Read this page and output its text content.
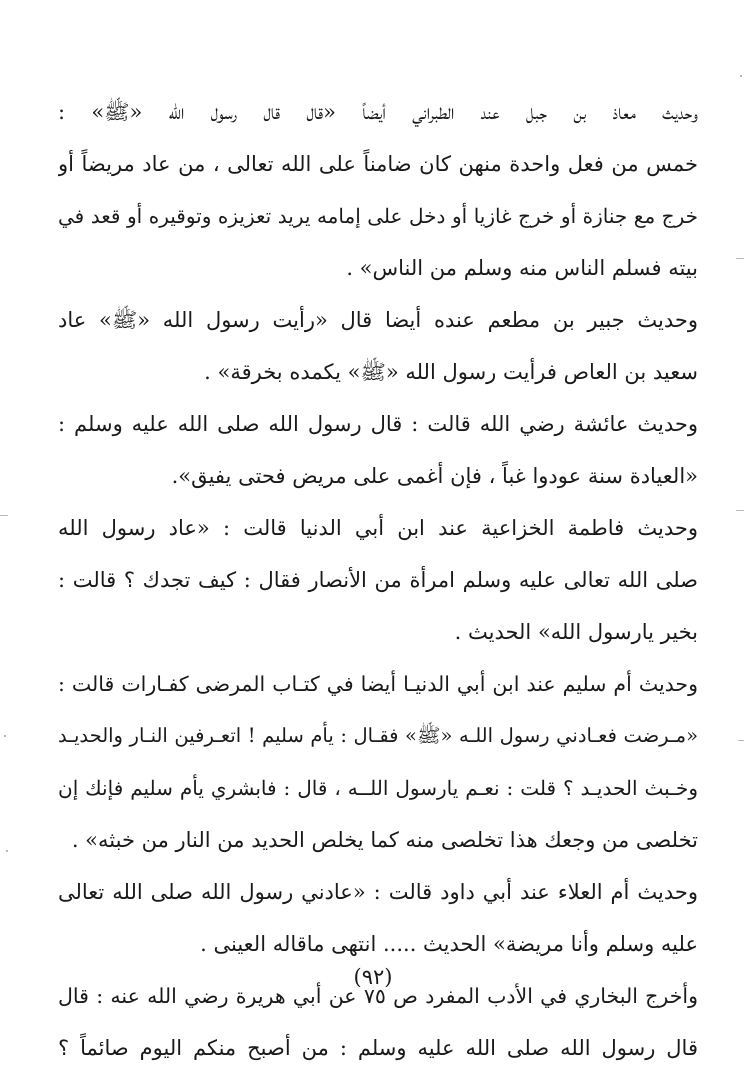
وحديث معاذ بن جبل عند الطبراني أيضاً «قال قال رسول الله «ﷺ» :
خمس من فعل واحدة منهن كان ضامناً على الله تعالى ، من عاد مريضاً أو
خرج مع جنازة أو خرج غازيا أو دخل على إمامه يريد تعزيزه وتوقيره أو قعد في
بيته فسلم الناس منه وسلم من الناس» .
وحديث جبير بن مطعم عنده أيضا قال «رأيت رسول الله «ﷺ» عاد
سعيد بن العاص فرأيت رسول الله «ﷺ» يكمده بخرقة» .
وحديث عائشة رضي الله قالت : قال رسول الله صلى الله عليه وسلم :
«العيادة سنة عودوا غباً ، فإن أغمى على مريض فحتى يفيق».
وحديث فاطمة الخزاعية عند ابن أبي الدنيا قالت : «عاد رسول الله
صلى الله تعالى عليه وسلم امرأة من الأنصار فقال : كيف تجدك ؟ قالت :
بخير يارسول الله» الحديث .
وحديث أم سليم عند ابن أبي الدنيـا أيضا في كتـاب المرضى كفـارات قالت :
«مـرضت فعـادني رسول اللـه «ﷺ» فقـال : يأم سليم ! اتعـرفين النـار والحديـد
وخـبث الحديـد ؟ قلت : نعـم يارسول اللــه ، قال : فابشري يأم سليم فإنك إن
تخلصى من وجعك هذا تخلصى منه كما يخلص الحديد من النار من خبثه» .
وحديث أم العلاء عند أبي داود قالت : «عادني رسول الله صلى الله تعالى
عليه وسلم وأنا مريضة» الحديث ..... انتهى ماقاله العينى .
وأخرج البخاري في الأدب المفرد ص ٧٥ عن أبي هريرة رضي الله عنه : قال
قال رسول الله صلى الله عليه وسلم : من أصبح منكم اليوم صائماً ؟
(٩٢)
